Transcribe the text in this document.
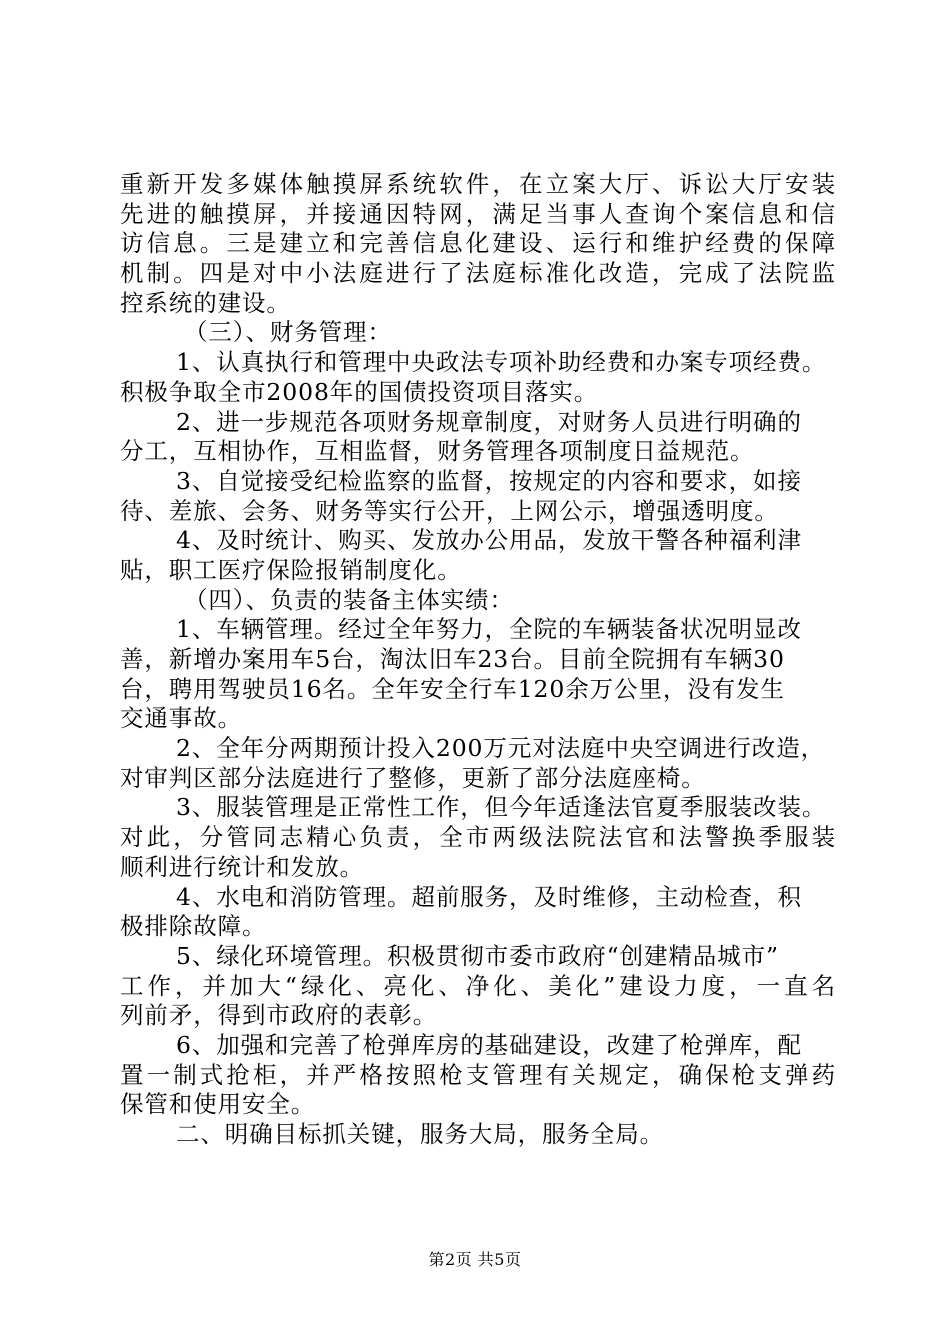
重新开发多媒体触摸屏系统软件，在立案大厅、诉讼大厅安装
先进的触摸屏，并接通因特网，满足当事人查询个案信息和信
访信息。三是建立和完善信息化建设、运行和维护经费的保障
机制。四是对中小法庭进行了法庭标准化改造，完成了法院监
控系统的建设。
（三）、财务管理：
1、认真执行和管理中央政法专项补助经费和办案专项经费。
积极争取全市2008年的国债投资项目落实。
2、进一步规范各项财务规章制度，对财务人员进行明确的
分工，互相协作，互相监督，财务管理各项制度日益规范。
3、自觉接受纪检监察的监督，按规定的内容和要求，如接
待、差旅、会务、财务等实行公开，上网公示，增强透明度。
4、及时统计、购买、发放办公用品，发放干警各种福利津
贴，职工医疗保险报销制度化。
（四）、负责的装备主体实绩：
1、车辆管理。经过全年努力，全院的车辆装备状况明显改
善，新增办案用车5台，淘汰旧车23台。目前全院拥有车辆30
台，聘用驾驶员16名。全年安全行车120余万公里，没有发生
交通事故。
2、全年分两期预计投入200万元对法庭中央空调进行改造，
对审判区部分法庭进行了整修，更新了部分法庭座椅。
3、服装管理是正常性工作，但今年适逢法官夏季服装改装。
对此，分管同志精心负责，全市两级法院法官和法警换季服装
顺利进行统计和发放。
4、水电和消防管理。超前服务，及时维修，主动检查，积
极排除故障。
5、绿化环境管理。积极贯彻市委市政府“创建精品城市”
工作，并加大“绿化、亮化、净化、美化”建设力度，一直名
列前矛，得到市政府的表彰。
6、加强和完善了枪弹库房的基础建设，改建了枪弹库，配
置一制式抢柜，并严格按照枪支管理有关规定，确保枪支弹药
保管和使用安全。
二、明确目标抓关键，服务大局，服务全局。
第2页 共5页
